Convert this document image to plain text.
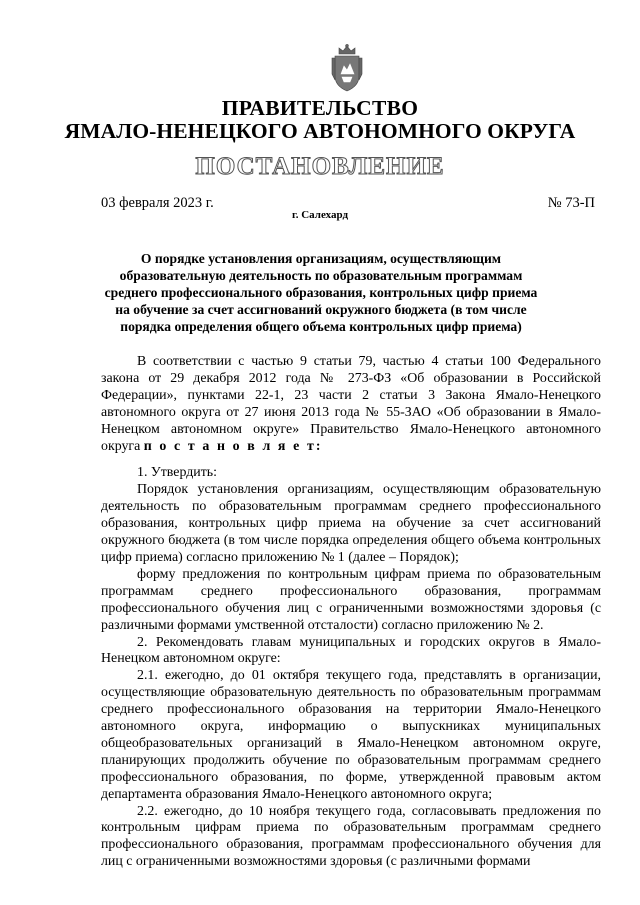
ПРАВИТЕЛЬСТВО
ЯМАЛО-НЕНЕЦКОГО АВТОНОМНОГО ОКРУГА
ПОСТАНОВЛЕНИЕ
03 февраля 2023 г.	№ 73-П
г. Салехард
О порядке установления организациям, осуществляющим образовательную деятельность по образовательным программам среднего профессионального образования, контрольных цифр приема на обучение за счет ассигнований окружного бюджета (в том числе порядка определения общего объема контрольных цифр приема)

В соответствии с частью 9 статьи 79, частью 4 статьи 100 Федерального закона от 29 декабря 2012 года № 273-ФЗ «Об образовании в Российской Федерации», пунктами 22-1, 23 части 2 статьи 3 Закона Ямало-Ненецкого автономного округа от 27 июня 2013 года № 55-ЗАО «Об образовании в Ямало-Ненецком автономном округе» Правительство Ямало-Ненецкого автономного округа п о с т а н о в л я е т:

1. Утвердить:

Порядок установления организациям, осуществляющим образовательную деятельность по образовательным программам среднего профессионального образования, контрольных цифр приема на обучение за счет ассигнований окружного бюджета (в том числе порядка определения общего объема контрольных цифр приема) согласно приложению № 1 (далее – Порядок);

форму предложения по контрольным цифрам приема по образовательным программам среднего профессионального образования, программам профессионального обучения лиц с ограниченными возможностями здоровья (с различными формами умственной отсталости) согласно приложению № 2.

2. Рекомендовать главам муниципальных и городских округов в Ямало-Ненецком автономном округе:

2.1. ежегодно, до 01 октября текущего года, представлять в организации, осуществляющие образовательную деятельность по образовательным программам среднего профессионального образования на территории Ямало-Ненецкого автономного округа, информацию о выпускниках муниципальных общеобразовательных организаций в Ямало-Ненецком автономном округе, планирующих продолжить обучение по образовательным программам среднего профессионального образования, по форме, утвержденной правовым актом департамента образования Ямало-Ненецкого автономного округа;

2.2. ежегодно, до 10 ноября текущего года, согласовывать предложения по контрольным цифрам приема по образовательным программам среднего профессионального образования, программам профессионального обучения для лиц с ограниченными возможностями здоровья (с различными формами
